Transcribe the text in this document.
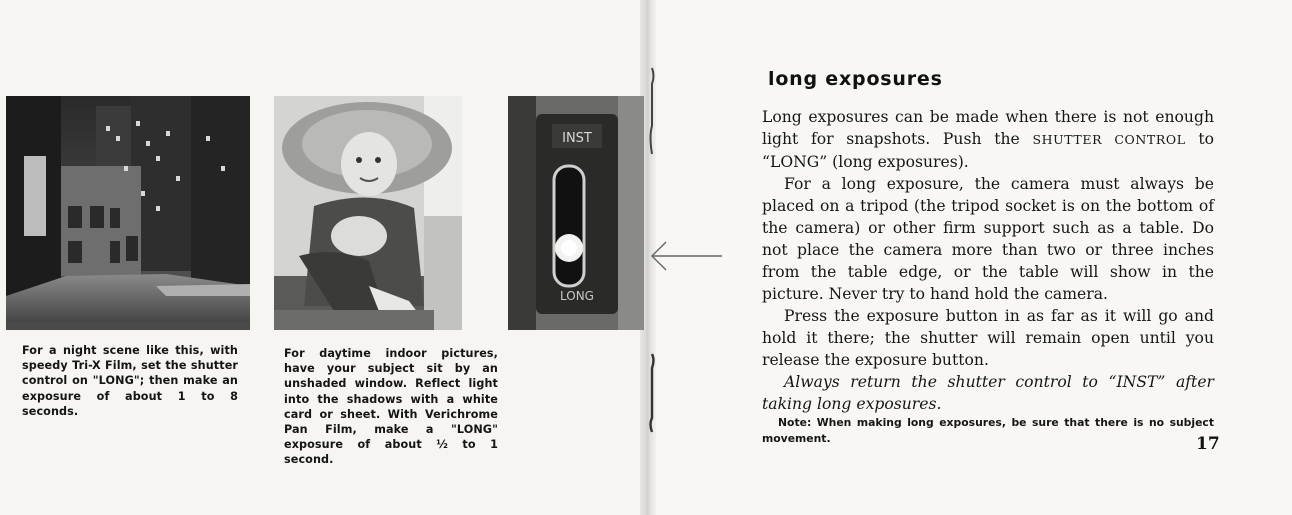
INST
LONG
For a night scene like this, with speedy Tri-X Film, set the shutter control on "LONG"; then make an exposure of about 1 to 8 seconds.
For daytime indoor pictures, have your subject sit by an unshaded window. Reflect light into the shadows with a white card or sheet. With Verichrome Pan Film, make a "LONG" exposure of about ½ to 1 second.
long exposures

Long exposures can be made when there is not enough light for snapshots. Push the SHUTTER CONTROL to “LONG” (long exposures).

For a long exposure, the camera must always be placed on a tripod (the tripod socket is on the bottom of the camera) or other firm support such as a table. Do not place the camera more than two or three inches from the table edge, or the table will show in the picture. Never try to hand hold the camera.

Press the exposure button in as far as it will go and hold it there; the shutter will remain open until you release the exposure button.

Always return the shutter control to “INST” after taking long exposures.

Note: When making long exposures, be sure that there is no subject movement.	17
